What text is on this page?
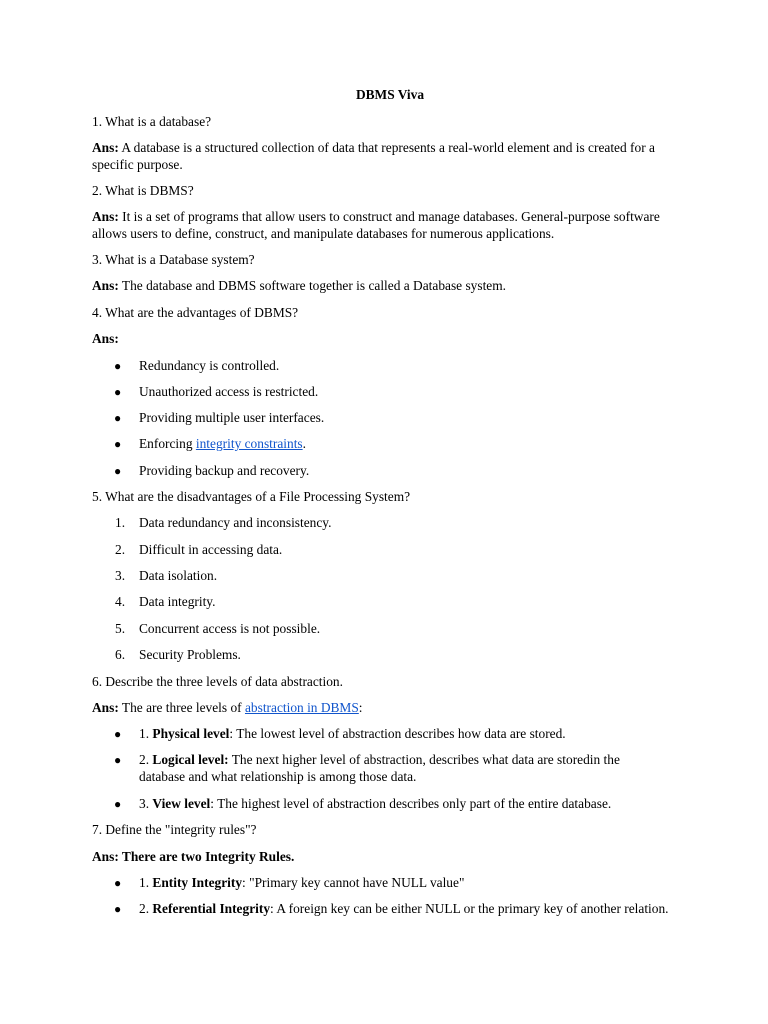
DBMS Viva

1. What is a database?

Ans: A database is a structured collection of data that represents a real-world element and is created for a specific purpose.

2. What is DBMS?

Ans: It is a set of programs that allow users to construct and manage databases. General-purpose software allows users to define, construct, and manipulate databases for numerous applications.

3. What is a Database system?

Ans: The database and DBMS software together is called a Database system.

4. What are the advantages of DBMS?

Ans:

● Redundancy is controlled.

● Unauthorized access is restricted.

● Providing multiple user interfaces.

● Enforcing integrity constraints.

● Providing backup and recovery.

5. What are the disadvantages of a File Processing System?

1. Data redundancy and inconsistency.

2. Difficult in accessing data.

3. Data isolation.

4. Data integrity.

5. Concurrent access is not possible.

6. Security Problems.

6. Describe the three levels of data abstraction.

Ans: The are three levels of abstraction in DBMS:

● 1. Physical level: The lowest level of abstraction describes how data are stored.

● 2. Logical level: The next higher level of abstraction, describes what data are storedin the database and what relationship is among those data.

● 3. View level: The highest level of abstraction describes only part of the entire database.

7. Define the "integrity rules"?

Ans: There are two Integrity Rules.

● 1. Entity Integrity: "Primary key cannot have NULL value"

● 2. Referential Integrity: A foreign key can be either NULL or the primary key of another relation.
